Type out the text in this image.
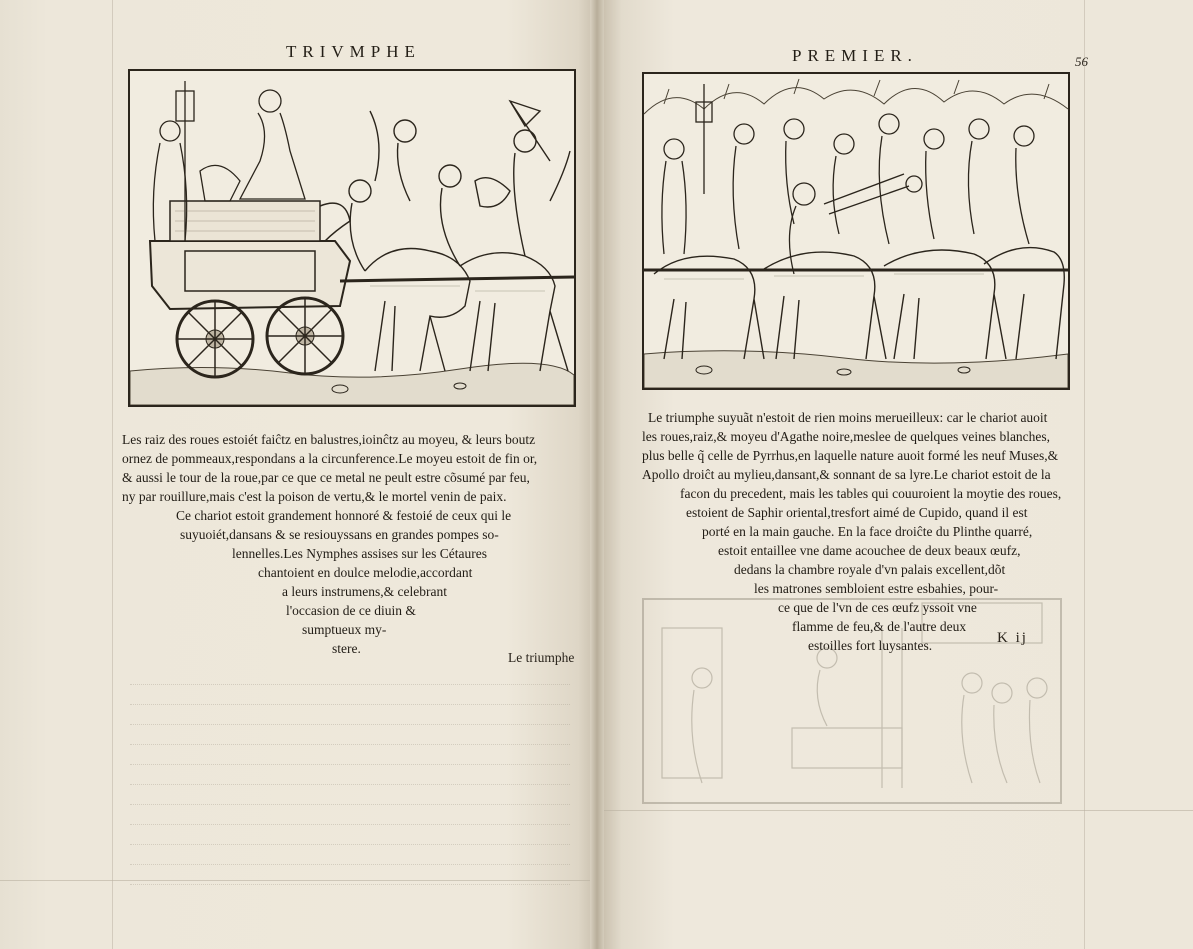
TRIVMPHE
Les raiz des roues estoiét faiĉtz en balustres,ioinĉtz au moyeu, & leurs boutz
ornez de pommeaux,respondans a la circunference.Le moyeu estoit de fin or,
& aussi le tour de la roue,par ce que ce metal ne peult estre cõsumé par feu,
ny par rouillure,mais c'est la poison de vertu,& le mortel venin de paix.
Ce chariot estoit grandement honnoré & festoié de ceux qui le
suyuoiét,dansans & se resiouyssans en grandes pompes so-
lennelles.Les Nymphes assises sur les Cétaures
chantoient en doulce melodie,accordant
a leurs instrumens,& celebrant
l'occasion de ce diuin &
sumptueux my-
stere.
Le triumphe
PREMIER.	56
Le triumphe suyuãt n'estoit de rien moins merueilleux: car le chariot auoit
les roues,raiz,& moyeu d'Agathe noire,meslee de quelques veines blanches,
plus belle q̃ celle de Pyrrhus,en laquelle nature auoit formé les neuf Muses,&
Apollo droiĉt au mylieu,dansant,& sonnant de sa lyre.Le chariot estoit de la
facon du precedent, mais les tables qui couuroient la moytie des roues,
estoient de Saphir oriental,tresfort aimé de Cupido, quand il est
porté en la main gauche. En la face droiĉte du Plinthe quarré,
estoit entaillee vne dame acouchee de deux beaux œufz,
dedans la chambre royale d'vn palais excellent,dõt
les matrones sembloient estre esbahies, pour-
ce que de l'vn de ces œufz yssoit vne
flamme de feu,& de l'autre deux
estoilles fort luysantes.	K ij
